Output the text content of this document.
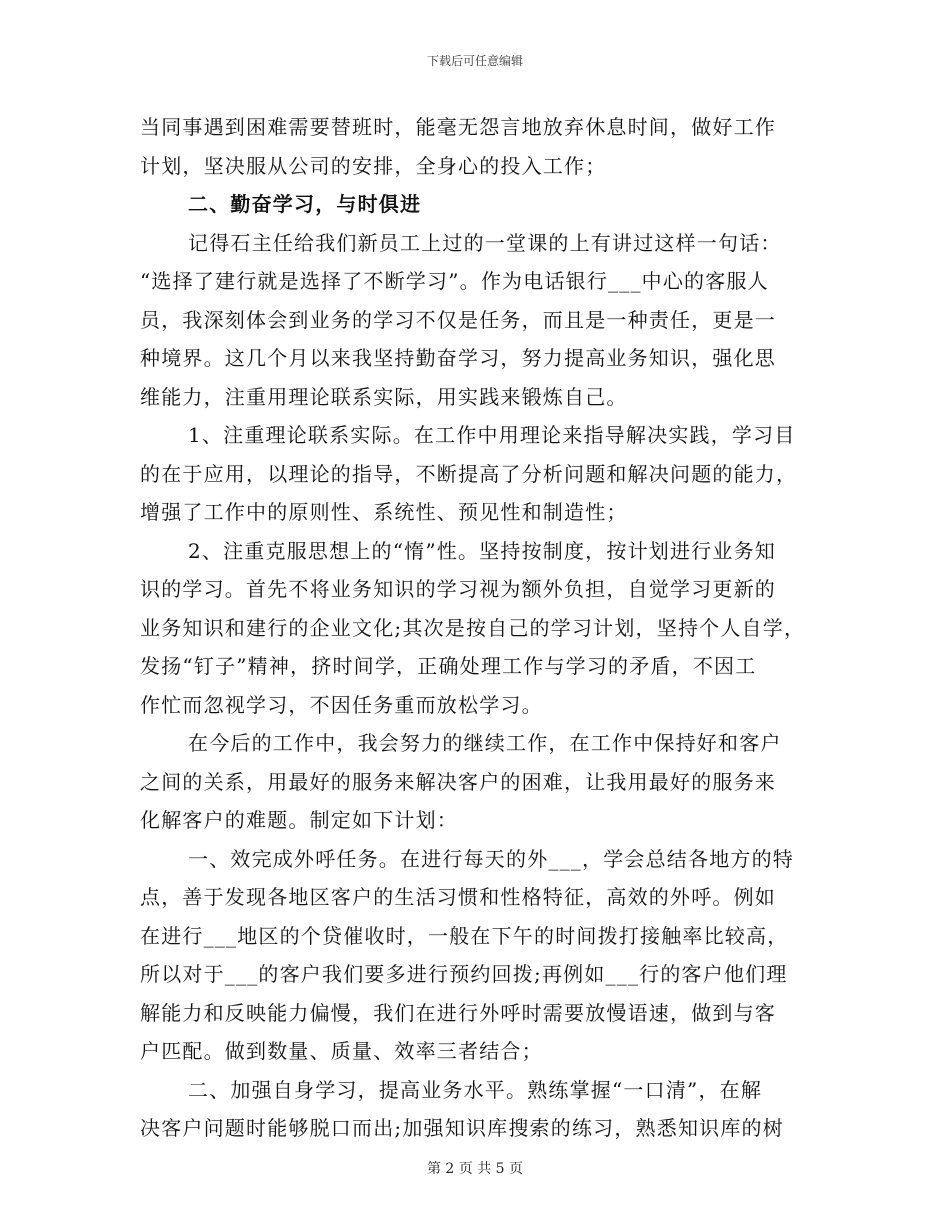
下载后可任意编辑
当同事遇到困难需要替班时，能毫无怨言地放弃休息时间，做好工作
计划，坚决服从公司的安排，全身心的投入工作；
二、勤奋学习，与时俱进
记得石主任给我们新员工上过的一堂课的上有讲过这样一句话：
“选择了建行就是选择了不断学习”。作为电话银行___中心的客服人
员，我深刻体会到业务的学习不仅是任务，而且是一种责任，更是一
种境界。这几个月以来我坚持勤奋学习，努力提高业务知识，强化思
维能力，注重用理论联系实际，用实践来锻炼自己。
1、注重理论联系实际。在工作中用理论来指导解决实践，学习目
的在于应用，以理论的指导，不断提高了分析问题和解决问题的能力，
增强了工作中的原则性、系统性、预见性和制造性；
2、注重克服思想上的“惰”性。坚持按制度，按计划进行业务知
识的学习。首先不将业务知识的学习视为额外负担，自觉学习更新的
业务知识和建行的企业文化;其次是按自己的学习计划，坚持个人自学，
发扬“钉子”精神，挤时间学，正确处理工作与学习的矛盾，不因工
作忙而忽视学习，不因任务重而放松学习。
在今后的工作中，我会努力的继续工作，在工作中保持好和客户
之间的关系，用最好的服务来解决客户的困难，让我用最好的服务来
化解客户的难题。制定如下计划：
一、效完成外呼任务。在进行每天的外___，学会总结各地方的特
点，善于发现各地区客户的生活习惯和性格特征，高效的外呼。例如
在进行___地区的个贷催收时，一般在下午的时间拨打接触率比较高，
所以对于___的客户我们要多进行预约回拨;再例如___行的客户他们理
解能力和反映能力偏慢，我们在进行外呼时需要放慢语速，做到与客
户匹配。做到数量、质量、效率三者结合；
二、加强自身学习，提高业务水平。熟练掌握“一口清”，在解
决客户问题时能够脱口而出;加强知识库搜索的练习，熟悉知识库的树
第 2 页 共 5 页
